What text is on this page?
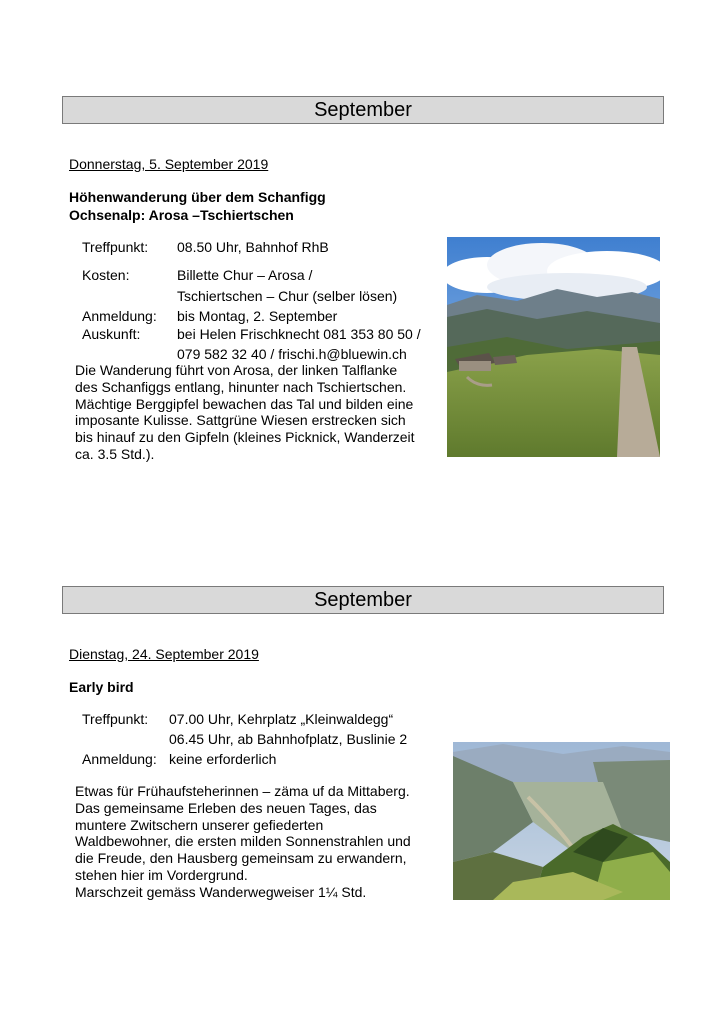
September
Donnerstag, 5. September 2019
Höhenwanderung über dem Schanfigg
Ochsenalp: Arosa –Tschiertschen
Treffpunkt: 08.50 Uhr, Bahnhof RhB
Kosten:	Billette Chur – Arosa /
Tschiertschen – Chur (selber lösen)
Anmeldung: bis Montag, 2. September
Auskunft:	bei Helen Frischknecht 081 353 80 50 /
079 582 32 40 / frischi.h@bluewin.ch
Die Wanderung führt von Arosa, der linken Talflanke
des Schanfiggs entlang, hinunter nach Tschiertschen.
Mächtige Berggipfel bewachen das Tal und bilden eine
imposante Kulisse. Sattgrüne Wiesen erstrecken sich
bis hinauf zu den Gipfeln (kleines Picknick, Wanderzeit
ca. 3.5 Std.).
September
Dienstag, 24. September 2019
Early bird
Treffpunkt: 07.00 Uhr, Kehrplatz „Kleinwaldegg“
06.45 Uhr, ab Bahnhofplatz, Buslinie 2
Anmeldung: keine erforderlich
Etwas für Frühaufsteherinnen – zäma uf da Mittaberg.
Das gemeinsame Erleben des neuen Tages, das
muntere Zwitschern unserer gefiederten
Waldbewohner, die ersten milden Sonnenstrahlen und
die Freude, den Hausberg gemeinsam zu erwandern,
stehen hier im Vordergrund.
Marschzeit gemäss Wanderwegweiser 1¼ Std.
